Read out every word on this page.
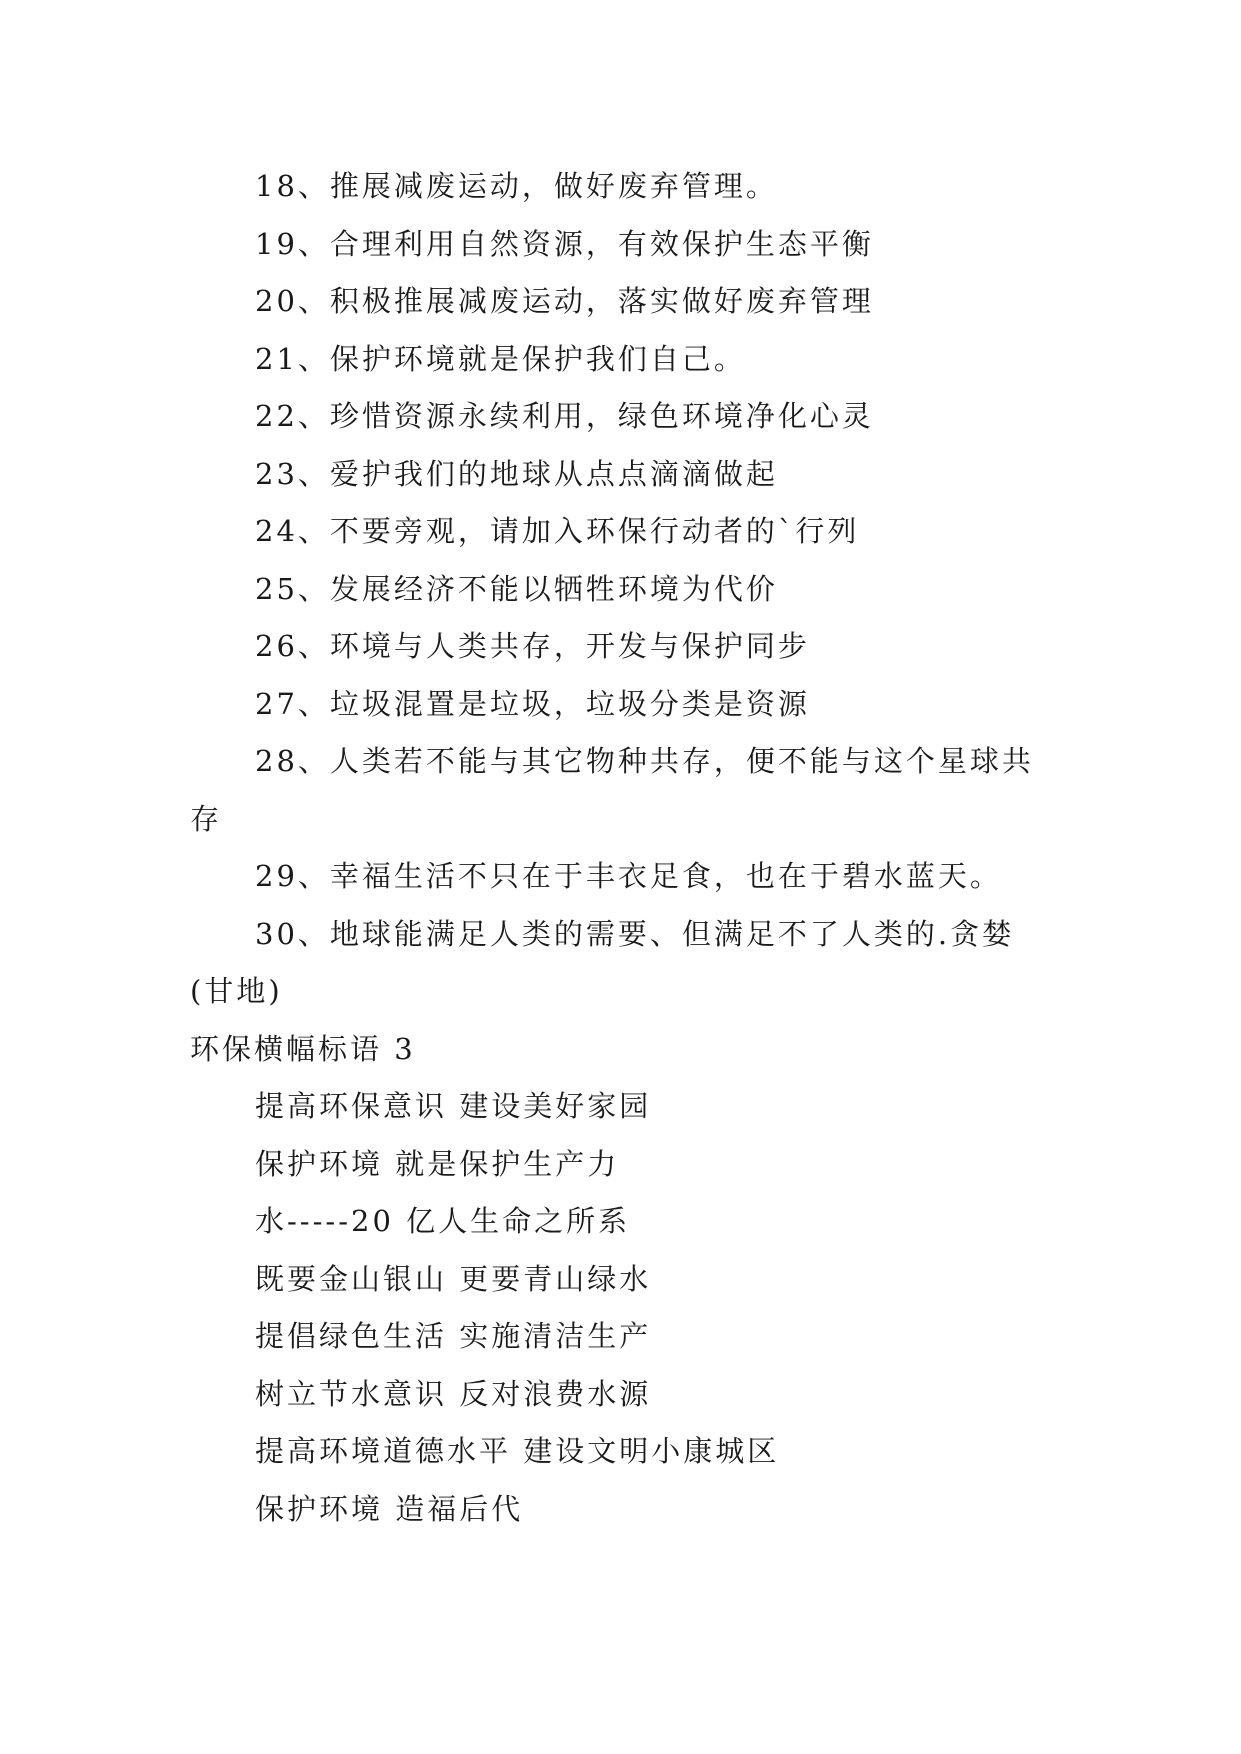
18、推展减废运动，做好废弃管理。
19、合理利用自然资源，有效保护生态平衡
20、积极推展减废运动，落实做好废弃管理
21、保护环境就是保护我们自己。
22、珍惜资源永续利用，绿色环境净化心灵
23、爱护我们的地球从点点滴滴做起
24、不要旁观，请加入环保行动者的`行列
25、发展经济不能以牺牲环境为代价
26、环境与人类共存，开发与保护同步
27、垃圾混置是垃圾，垃圾分类是资源
28、人类若不能与其它物种共存，便不能与这个星球共存
29、幸福生活不只在于丰衣足食，也在于碧水蓝天。
30、地球能满足人类的需要、但满足不了人类的.贪婪(甘地)
环保横幅标语 3
提高环保意识 建设美好家园
保护环境 就是保护生产力
水-----20 亿人生命之所系
既要金山银山 更要青山绿水
提倡绿色生活 实施清洁生产
树立节水意识 反对浪费水源
提高环境道德水平 建设文明小康城区
保护环境 造福后代
